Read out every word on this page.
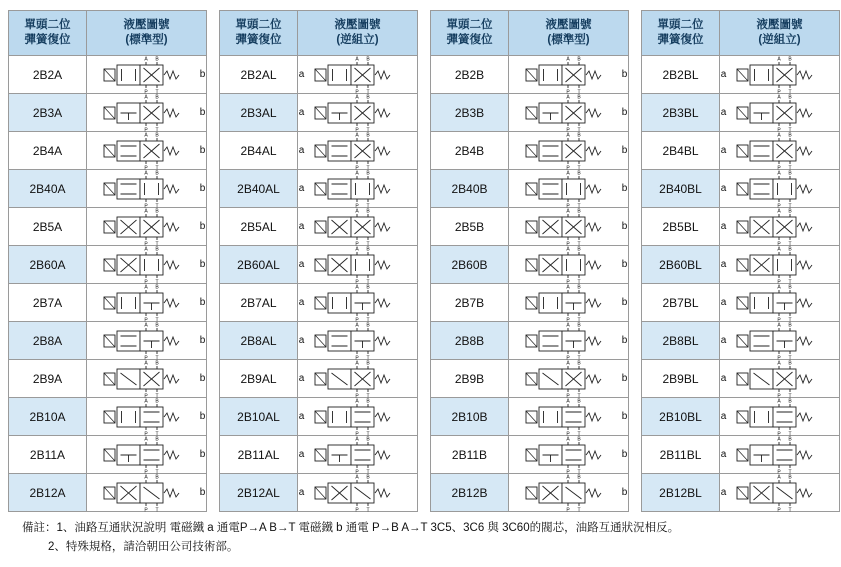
單頭二位
彈簧復位	液壓圖號
(標準型)

2B2A	A B
P T
b

2B3A	A B
P T
b

2B4A	A B
P T
b

2B40A	A B
P T
b

2B5A	A B
P T
b

2B60A	A B
P T
b

2B7A	A B
P T
b

2B8A	A B
P T
b

2B9A	A B
P T
b

2B10A	A B
P T
b

2B11A	A B
P T
b

2B12A	A B
P T
b
單頭二位
彈簧復位	液壓圖號
(逆組立)

2B2AL	a
A B
P T

2B3AL	a
A B
P T

2B4AL	a
A B
P T

2B40AL	a
A B
P T

2B5AL	a
A B
P T

2B60AL	a
A B
P T

2B7AL	a
A B
P T

2B8AL	a
A B
P T

2B9AL	a
A B
P T

2B10AL	a
A B
P T

2B11AL	a
A B
P T

2B12AL	a
A B
P T
單頭二位
彈簧復位	液壓圖號
(標準型)

2B2B	A B
P T
b

2B3B	A B
P T
b

2B4B	A B
P T
b

2B40B	A B
P T
b

2B5B	A B
P T
b

2B60B	A B
P T
b

2B7B	A B
P T
b

2B8B	A B
P T
b

2B9B	A B
P T
b

2B10B	A B
P T
b

2B11B	A B
P T
b

2B12B	A B
P T
b
單頭二位
彈簧復位	液壓圖號
(逆組立)

2B2BL	a
A B
P T

2B3BL	a
A B
P T

2B4BL	a
A B
P T

2B40BL	a
A B
P T

2B5BL	a
A B
P T

2B60BL	a
A B
P T

2B7BL	a
A B
P T

2B8BL	a
A B
P T

2B9BL	a
A B
P T

2B10BL	a
A B
P T

2B11BL	a
A B
P T

2B12BL	a
A B
P T
備註：1、油路互通狀況說明 電磁鐵 a 通電P→A B→T 電磁鐵 b 通電 P→B A→T 3C5、3C6 與 3C60的閥芯，油路互通狀況相反。
2、特殊規格，請洽朝田公司技術部。
